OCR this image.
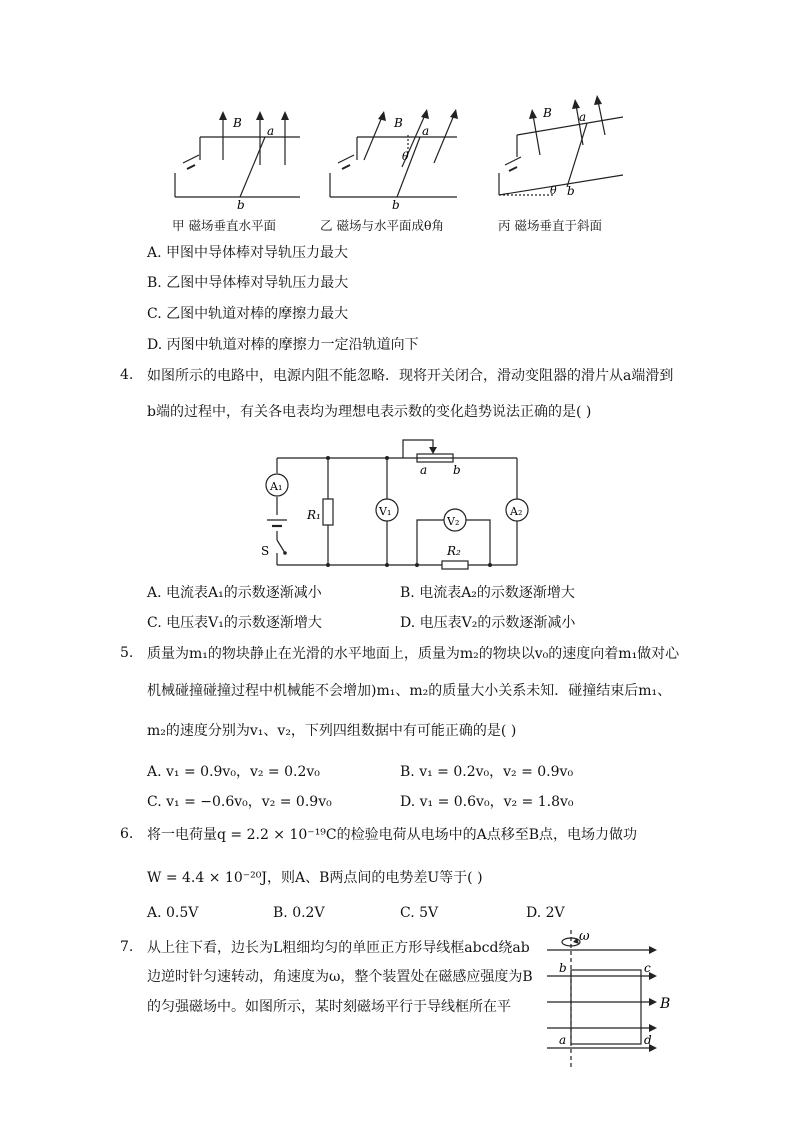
B
a
b
甲 磁场垂直水平面
B
a
θ
b
乙 磁场与水平面成θ角
B a
θ b
丙 磁场垂直于斜面
A. 甲图中导体棒对导轨压力最大
B. 乙图中导体棒对导轨压力最大
C. 乙图中轨道对棒的摩擦力最大
D. 丙图中轨道对棒的摩擦力一定沿轨道向下
4. 如图所示的电路中，电源内阻不能忽略．现将开关闭合，滑动变阻器的滑片从a端滑到
b端的过程中，有关各电表均为理想电表示数的变化趋势说法正确的是( )
A₁
A₂
V₁
V₂
R₁
R₂
S
a b
A. 电流表A₁的示数逐渐减小	B. 电流表A₂的示数逐渐增大
C. 电压表V₁的示数逐渐增大	D. 电压表V₂的示数逐渐减小
5. 质量为m₁的物块静止在光滑的水平地面上，质量为m₂的物块以v₀的速度向着m₁做对心
机械碰撞碰撞过程中机械能不会增加)m₁、m₂的质量大小关系未知．碰撞结束后m₁、
m₂的速度分别为v₁、v₂，下列四组数据中有可能正确的是( )
A. v₁ = 0.9v₀，v₂ = 0.2v₀	B. v₁ = 0.2v₀，v₂ = 0.9v₀
C. v₁ = −0.6v₀，v₂ = 0.9v₀	D. v₁ = 0.6v₀，v₂ = 1.8v₀
6. 将一电荷量q = 2.2 × 10⁻¹⁹C的检验电荷从电场中的A点移至B点，电场力做功
W = 4.4 × 10⁻²⁰J，则A、B两点间的电势差U等于( )
A. 0.5V	B. 0.2V	C. 5V	D. 2V
7. 从上往下看，边长为L粗细均匀的单匝正方形导线框abcd绕ab
边逆时针匀速转动，角速度为ω，整个装置处在磁感应强度为B
的匀强磁场中。如图所示，某时刻磁场平行于导线框所在平
ω
B
b	c
a	d
